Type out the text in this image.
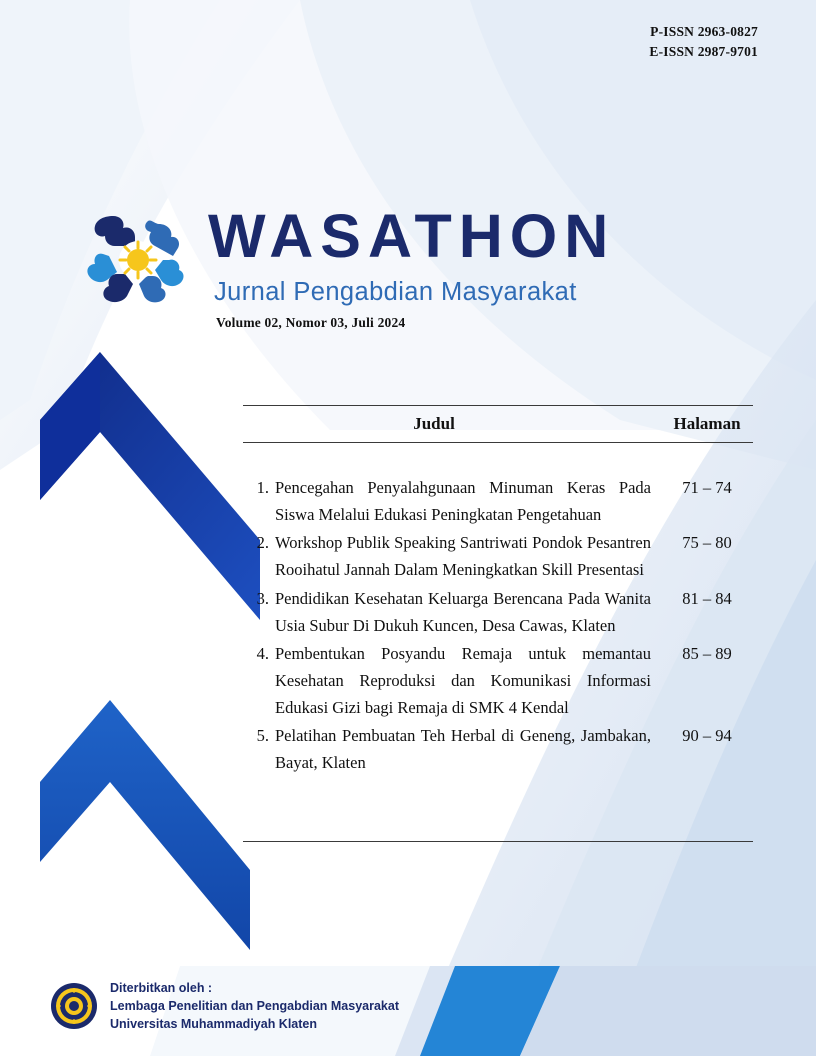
P-ISSN 2963-0827
E-ISSN 2987-9701
WASATHON
Jurnal Pengabdian Masyarakat
Volume 02, Nomor 03, Juli 2024
Judul	Halaman
1. Pencegahan Penyalahgunaan Minuman Keras Pada Siswa Melalui Edukasi Peningkatan Pengetahuan
71 – 74
2. Workshop Publik Speaking Santriwati Pondok Pesantren Rooihatul Jannah Dalam Meningkatkan Skill Presentasi
75 – 80
3. Pendidikan Kesehatan Keluarga Berencana Pada Wanita Usia Subur Di Dukuh Kuncen, Desa Cawas, Klaten
81 – 84
4. Pembentukan Posyandu Remaja untuk memantau Kesehatan Reproduksi dan Komunikasi Informasi Edukasi Gizi bagi Remaja di SMK 4 Kendal
85 – 89
5. Pelatihan Pembuatan Teh Herbal di Geneng, Jambakan, Bayat, Klaten
90 – 94
Diterbitkan oleh :
Lembaga Penelitian dan Pengabdian Masyarakat
Universitas Muhammadiyah Klaten
